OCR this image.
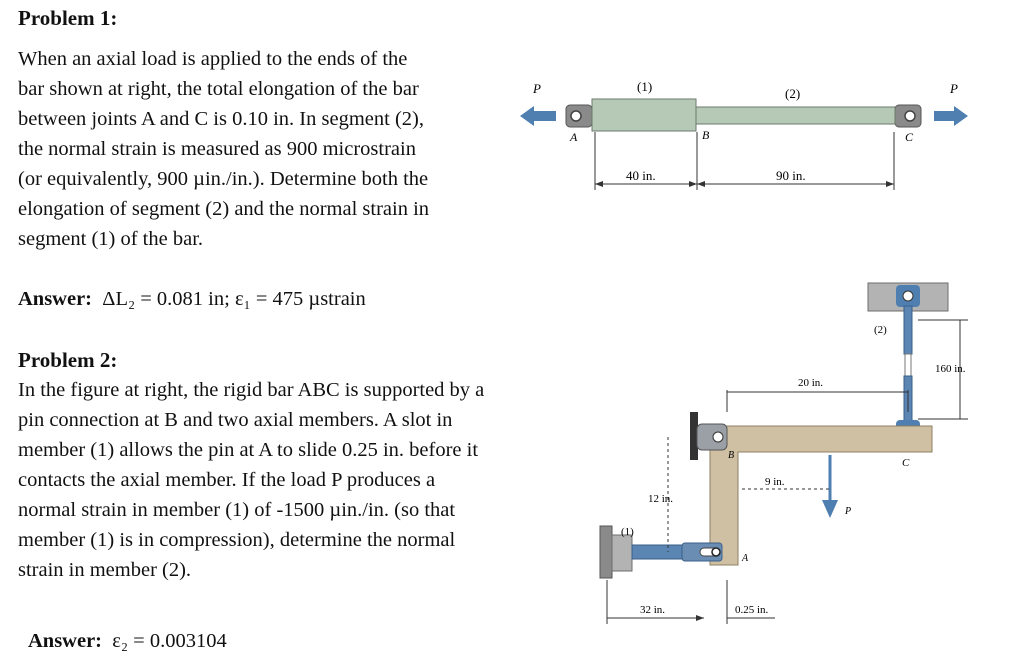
Problem 1:
When an axial load is applied to the ends of the
bar shown at right, the total elongation of the bar
between joints A and C is 0.10 in. In segment (2),
the normal strain is measured as 900 microstrain
(or equivalently, 900 µin./in.). Determine both the
elongation of segment (2) and the normal strain in
segment (1) of the bar.
Answer: ΔL₂ = 0.081 in; ε₁ = 475 µstrain
Problem 2:
In the figure at right, the rigid bar ABC is supported by a
pin connection at B and two axial members. A slot in
member (1) allows the pin at A to slide 0.25 in. before it
contacts the axial member. If the load P produces a
normal strain in member (1) of -1500 µin./in. (so that
member (1) is in compression), determine the normal
strain in member (2).
Answer: ε₂ = 0.003104
P	P
(1)	(2)
A	B	C
40 in.	90 in.
(2)
160 in.
20 in.
B
C
9 in.
12 in.
P
(1)
A
32 in.	0.25 in.
